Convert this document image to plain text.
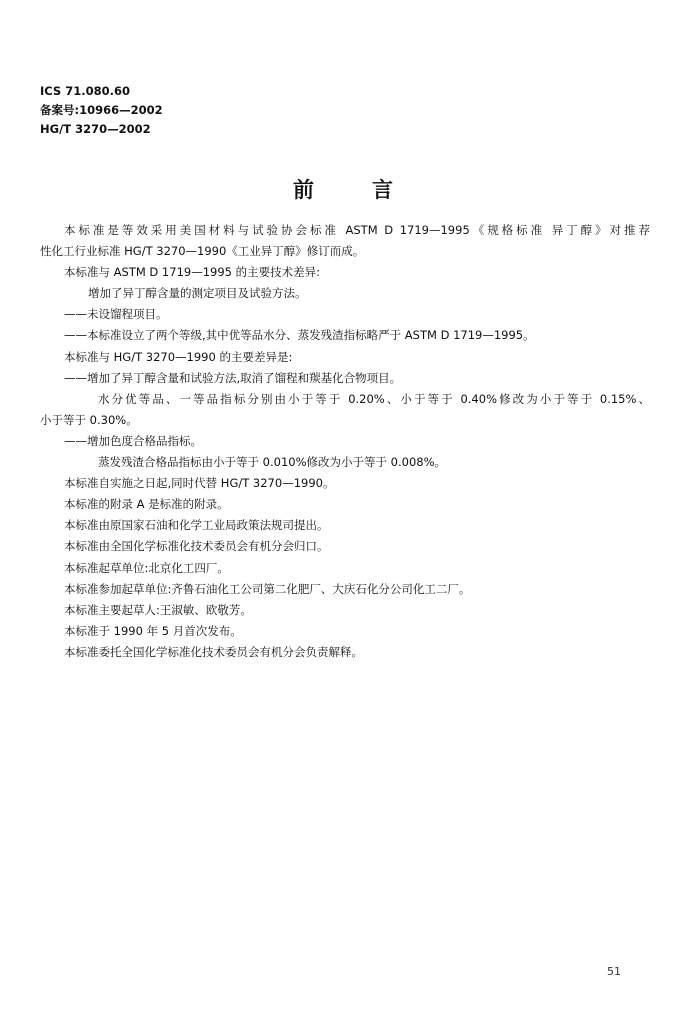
ICS 71.080.60
备案号:10966—2002
HG/T 3270—2002
前言
本标准是等效采用美国材料与试验协会标准 ASTM D 1719—1995《规格标准 异丁醇》对推荐
性化工行业标准 HG/T 3270—1990《工业异丁醇》修订而成。
本标准与 ASTM D 1719—1995 的主要技术差异:
增加了异丁醇含量的测定项目及试验方法。
——未设馏程项目。
——本标准设立了两个等级,其中优等品水分、蒸发残渣指标略严于 ASTM D 1719—1995。
本标准与 HG/T 3270—1990 的主要差异是:
——增加了异丁醇含量和试验方法,取消了馏程和羰基化合物项目。
水分优等品、一等品指标分别由小于等于 0.20%、小于等于 0.40%修改为小于等于 0.15%、
小于等于 0.30%。
——增加色度合格品指标。
蒸发残渣合格品指标由小于等于 0.010%修改为小于等于 0.008%。
本标准自实施之日起,同时代替 HG/T 3270—1990。
本标准的附录 A 是标准的附录。
本标准由原国家石油和化学工业局政策法规司提出。
本标准由全国化学标准化技术委员会有机分会归口。
本标准起草单位:北京化工四厂。
本标准参加起草单位:齐鲁石油化工公司第二化肥厂、大庆石化分公司化工二厂。
本标准主要起草人:王淑敏、欧敬芳。
本标准于 1990 年 5 月首次发布。
本标准委托全国化学标准化技术委员会有机分会负责解释。
51
